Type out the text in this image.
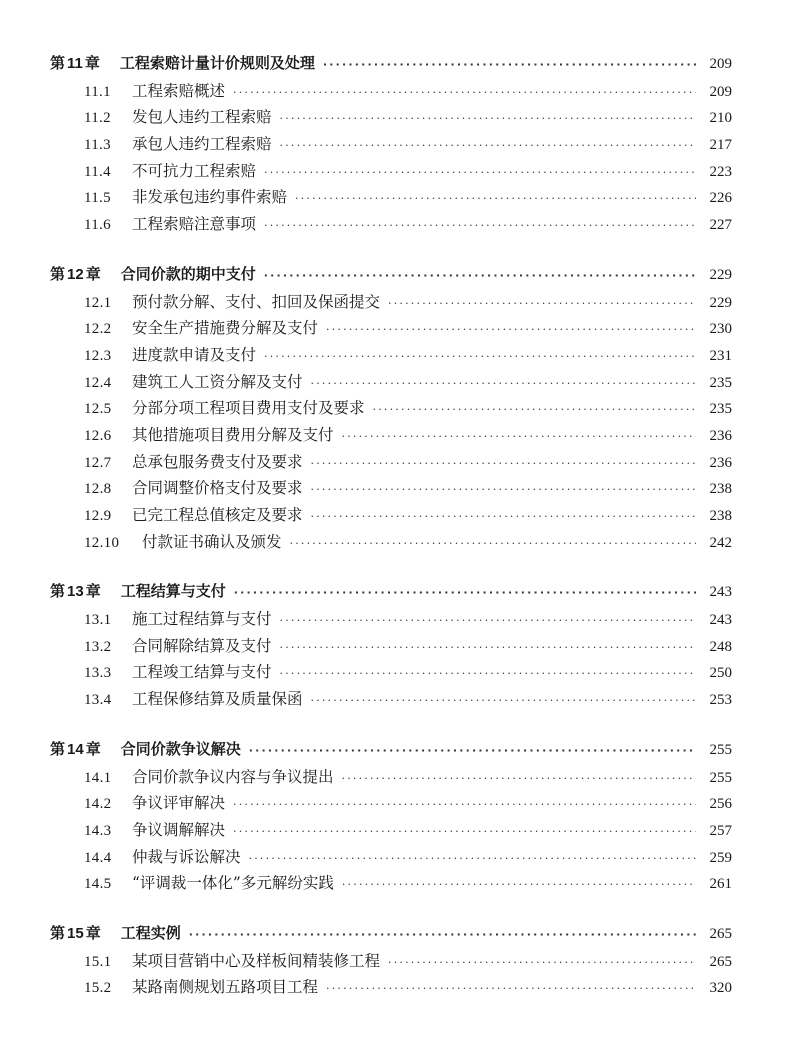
第 11 章 工程索赔计量计价规则及处理 ·····	209
11.1	工程索赔概述 ·····	209
11.2	发包人违约工程索赔 ·····	210
11.3	承包人违约工程索赔 ·····	217
11.4	不可抗力工程索赔 ·····	223
11.5	非发承包违约事件索赔 ·····	226
11.6	工程索赔注意事项 ·····	227
第 12 章 合同价款的期中支付 ·····	229
12.1	预付款分解、支付、扣回及保函提交 ·····	229
12.2	安全生产措施费分解及支付 ·····	230
12.3	进度款申请及支付 ·····	231
12.4	建筑工人工资分解及支付 ·····	235
12.5	分部分项工程项目费用支付及要求 ·····	235
12.6	其他措施项目费用分解及支付 ·····	236
12.7	总承包服务费支付及要求 ·····	236
12.8	合同调整价格支付及要求 ·····	238
12.9	已完工程总值核定及要求 ·····	238
12.10	付款证书确认及颁发 ·····	242
第 13 章 工程结算与支付 ·····	243
13.1	施工过程结算与支付 ·····	243
13.2	合同解除结算及支付 ·····	248
13.3	工程竣工结算与支付 ·····	250
13.4	工程保修结算及质量保函 ·····	253
第 14 章 合同价款争议解决 ·····	255
14.1	合同价款争议内容与争议提出 ·····	255
14.2	争议评审解决 ·····	256
14.3	争议调解解决 ·····	257
14.4	仲裁与诉讼解决 ·····	259
14.5	“评调裁一体化”多元解纷实践 ·····	261
第 15 章 工程实例 ·····	265
15.1	某项目营销中心及样板间精装修工程 ·····	265
15.2	某路南侧规划五路项目工程 ·····	320
